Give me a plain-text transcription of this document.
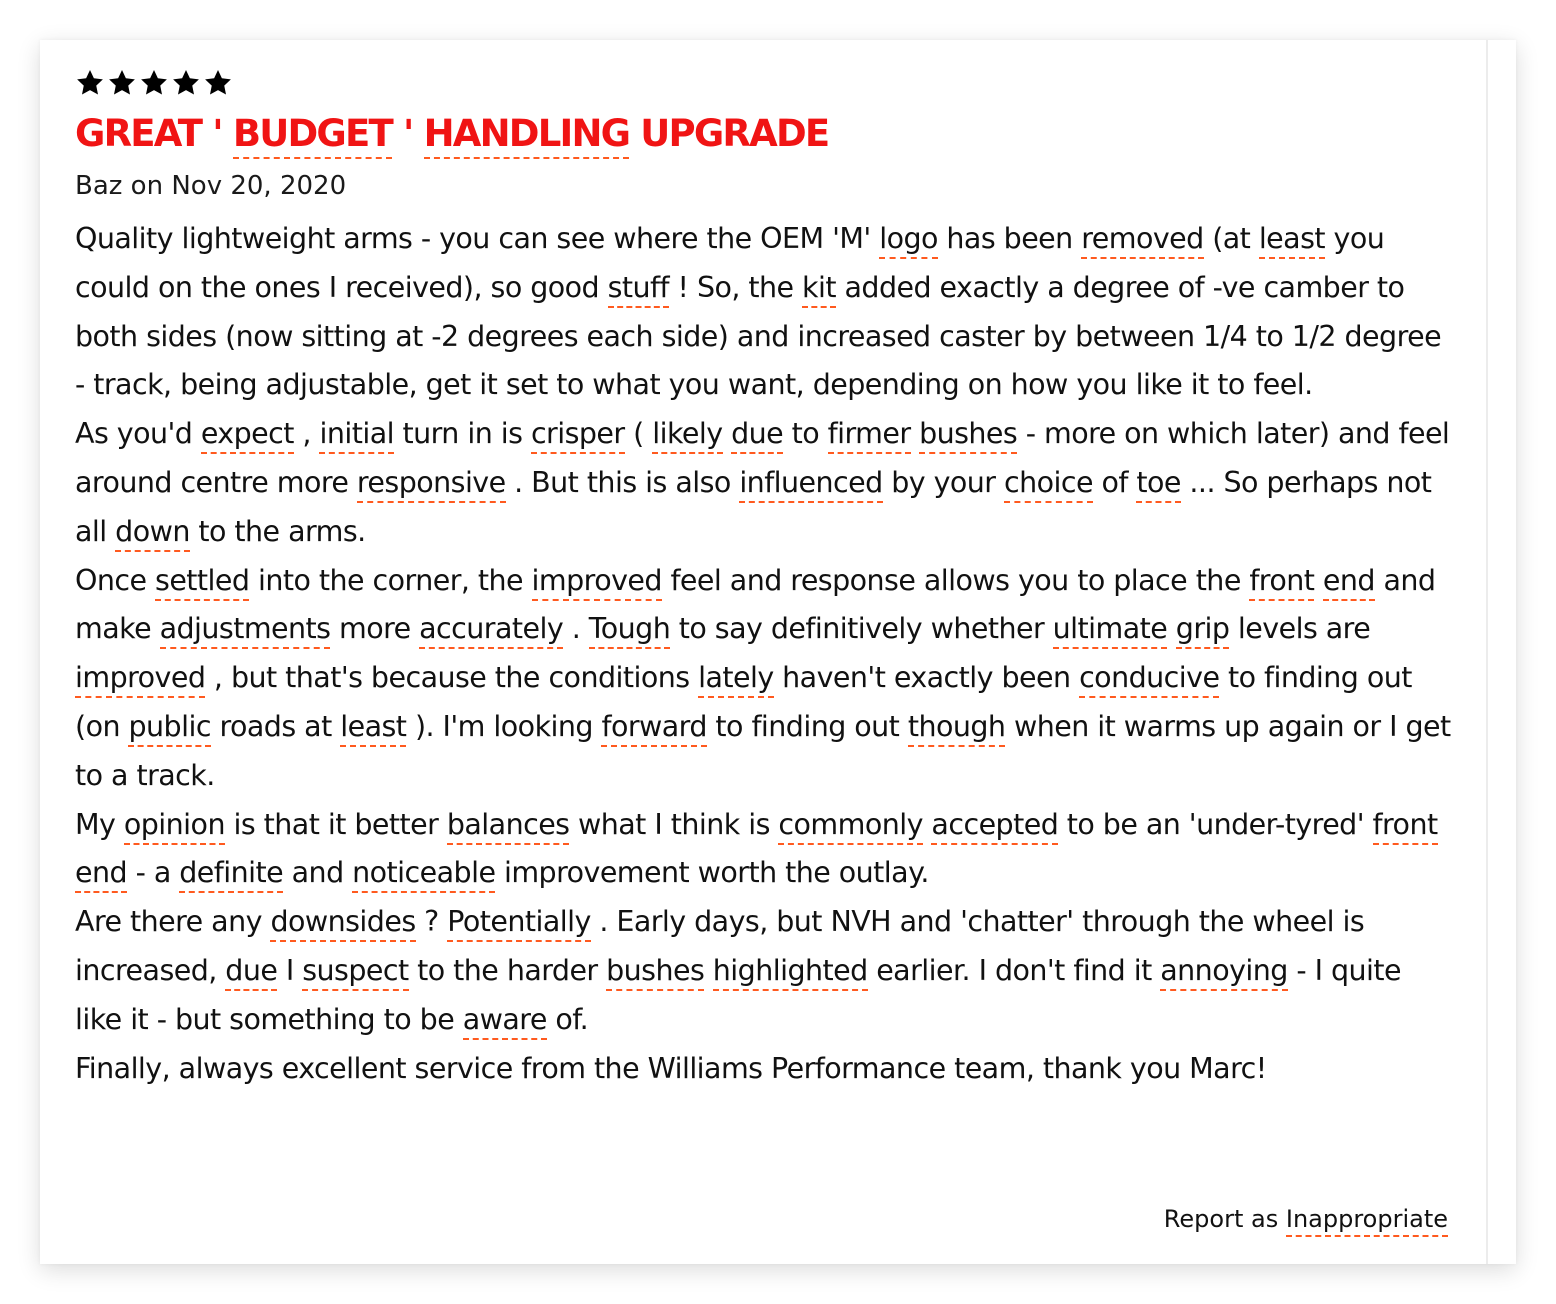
GREAT ' BUDGET ' HANDLING UPGRADE
Baz on Nov 20, 2020

Quality lightweight arms - you can see where the OEM 'M' logo has been removed (at least you could on the ones I received), so good stuff ! So, the kit added exactly a degree of -ve camber to both sides (now sitting at -2 degrees each side) and increased caster by between 1/4 to 1/2 degree - track, being adjustable, get it set to what you want, depending on how you like it to feel.

As you'd expect , initial turn in is crisper ( likely due to firmer bushes - more on which later) and feel around centre more responsive . But this is also influenced by your choice of toe ... So perhaps not all down to the arms.

Once settled into the corner, the improved feel and response allows you to place the front end and make adjustments more accurately . Tough to say definitively whether ultimate grip levels are improved , but that's because the conditions lately haven't exactly been conducive to finding out (on public roads at least ). I'm looking forward to finding out though when it warms up again or I get to a track.

My opinion is that it better balances what I think is commonly accepted to be an 'under-tyred' front end - a definite and noticeable improvement worth the outlay.

Are there any downsides ? Potentially . Early days, but NVH and 'chatter' through the wheel is increased, due I suspect to the harder bushes highlighted earlier. I don't find it annoying - I quite like it - but something to be aware of.

Finally, always excellent service from the Williams Performance team, thank you Marc!

Report as Inappropriate
